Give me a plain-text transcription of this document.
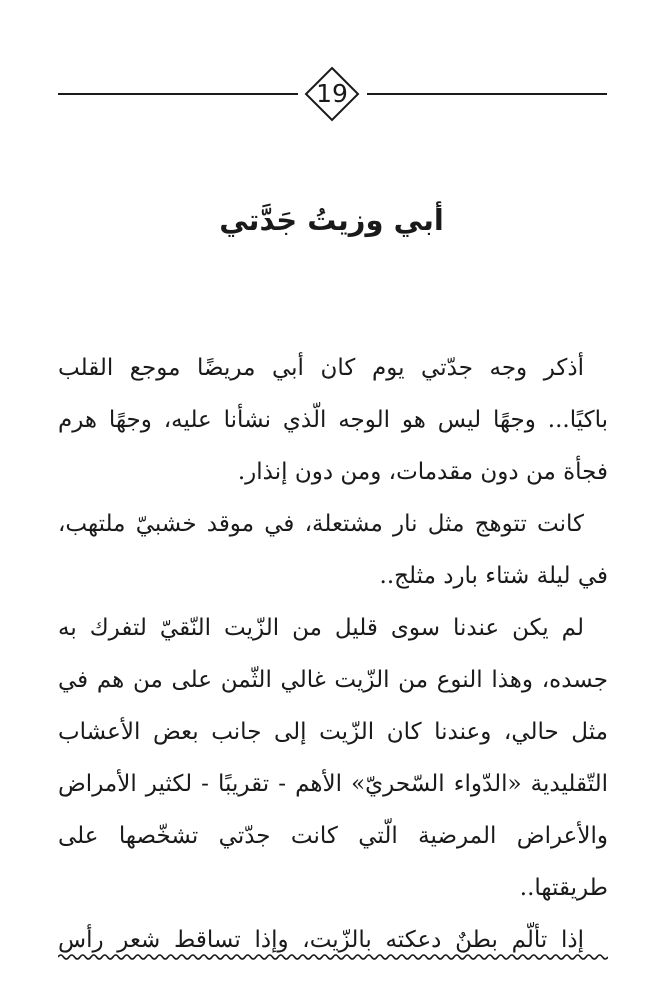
19
أبي وزيتُ جَدَّتي
أذكر وجه جدّتي يوم كان أبي مريضًا موجع القلب
باكيًا... وجهًا ليس هو الوجه الّذي نشأنا عليه، وجهًا هرم
فجأة من دون مقدمات، ومن دون إنذار.
كانت تتوهج مثل نار مشتعلة، في موقد خشبيّ ملتهب،
في ليلة شتاء بارد مثلج..
لم يكن عندنا سوى قليل من الزّيت النّقيّ لتفرك به
جسده، وهذا النوع من الزّيت غالي الثّمن على من هم في
مثل حالي، وعندنا كان الزّيت إلى جانب بعض الأعشاب
التّقليدية «الدّواء السّحريّ» الأهم - تقريبًا - لكثير الأمراض
والأعراض المرضية الّتي كانت جدّتي تشخّصها على
طريقتها..
إذا تألّم بطنٌ دعكته بالزّيت، وإذا تساقط شعر رأس
